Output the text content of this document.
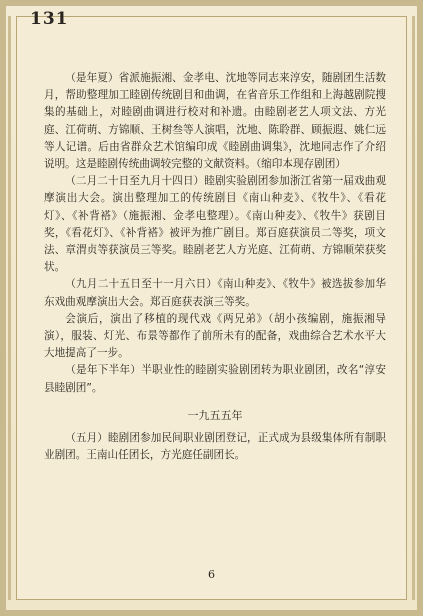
131

（是年夏）省派施振湘、金孝电、沈地等同志来淳安，随剧团生活数月，帮助整理加工睦剧传统剧目和曲调，在省音乐工作组和上海越剧院搜集的基础上，对睦剧曲调进行校对和补遗。由睦剧老艺人项文法、方光庭、江荷萌、方锦顺、王树叁等人演唱，沈地、陈聆群、顾振遐、姚仁远等人记谱。后由省群众艺术馆编印成《睦剧曲调集》，沈地同志作了介绍说明。这是睦剧传统曲调较完整的文献资料。（缩印本现存剧团）

（二月二十日至九月十四日）睦剧实验剧团参加浙江省第一届戏曲观摩演出大会。演出整理加工的传统剧目《南山种麦》、《牧牛》、《看花灯》、《补背褡》（施振湘、金孝电整理）。《南山种麦》、《牧牛》获剧目奖，《看花灯》、《补背褡》被评为推广剧目。郑百庭获演员二等奖，项文法、章渭贞等获演员三等奖。睦剧老艺人方光庭、江荷萌、方锦顺荣获奖状。

（九月二十五日至十一月六日）《南山种麦》、《牧牛》被选拔参加华东戏曲观摩演出大会。郑百庭获表演三等奖。

会演后，演出了移植的现代戏《两兄弟》（胡小孩编剧，施振湘导演），服装、灯光、布景等都作了前所未有的配备，戏曲综合艺术水平大大地提高了一步。

（是年下半年）半职业性的睦剧实验剧团转为职业剧团，改名“淳安县睦剧团”。

一九五五年

（五月）睦剧团参加民间职业剧团登记，正式成为县级集体所有制职业剧团。王南山任团长，方光庭任副团长。

6
